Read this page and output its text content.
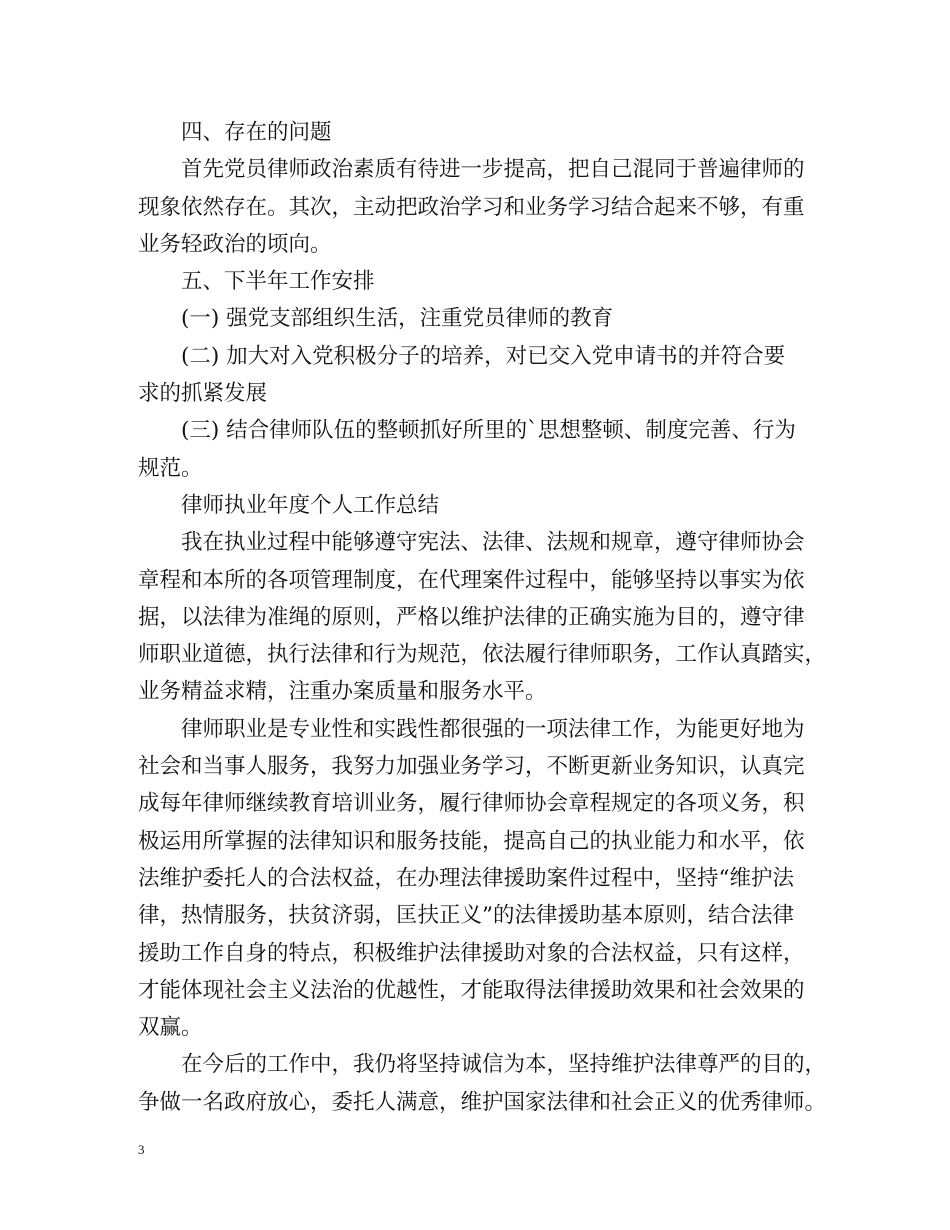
四、存在的问题
首先党员律师政治素质有待进一步提高，把自己混同于普遍律师的
现象依然存在。其次，主动把政治学习和业务学习结合起来不够，有重
业务轻政治的顷向。
五、下半年工作安排
(一) 强党支部组织生活，注重党员律师的教育
(二) 加大对入党积极分子的培养，对已交入党申请书的并符合要
求的抓紧发展
(三) 结合律师队伍的整顿抓好所里的`思想整顿、制度完善、行为
规范。
律师执业年度个人工作总结
我在执业过程中能够遵守宪法、法律、法规和规章，遵守律师协会
章程和本所的各项管理制度，在代理案件过程中，能够坚持以事实为依
据，以法律为准绳的原则，严格以维护法律的正确实施为目的，遵守律
师职业道德，执行法律和行为规范，依法履行律师职务，工作认真踏实，
业务精益求精，注重办案质量和服务水平。
律师职业是专业性和实践性都很强的一项法律工作，为能更好地为
社会和当事人服务，我努力加强业务学习，不断更新业务知识，认真完
成每年律师继续教育培训业务，履行律师协会章程规定的各项义务，积
极运用所掌握的法律知识和服务技能，提高自己的执业能力和水平，依
法维护委托人的合法权益，在办理法律援助案件过程中，坚持“维护法
律，热情服务，扶贫济弱，匡扶正义”的法律援助基本原则，结合法律
援助工作自身的特点，积极维护法律援助对象的合法权益，只有这样，
才能体现社会主义法治的优越性，才能取得法律援助效果和社会效果的
双赢。
在今后的工作中，我仍将坚持诚信为本，坚持维护法律尊严的目的，
争做一名政府放心，委托人满意，维护国家法律和社会正义的优秀律师。
3
